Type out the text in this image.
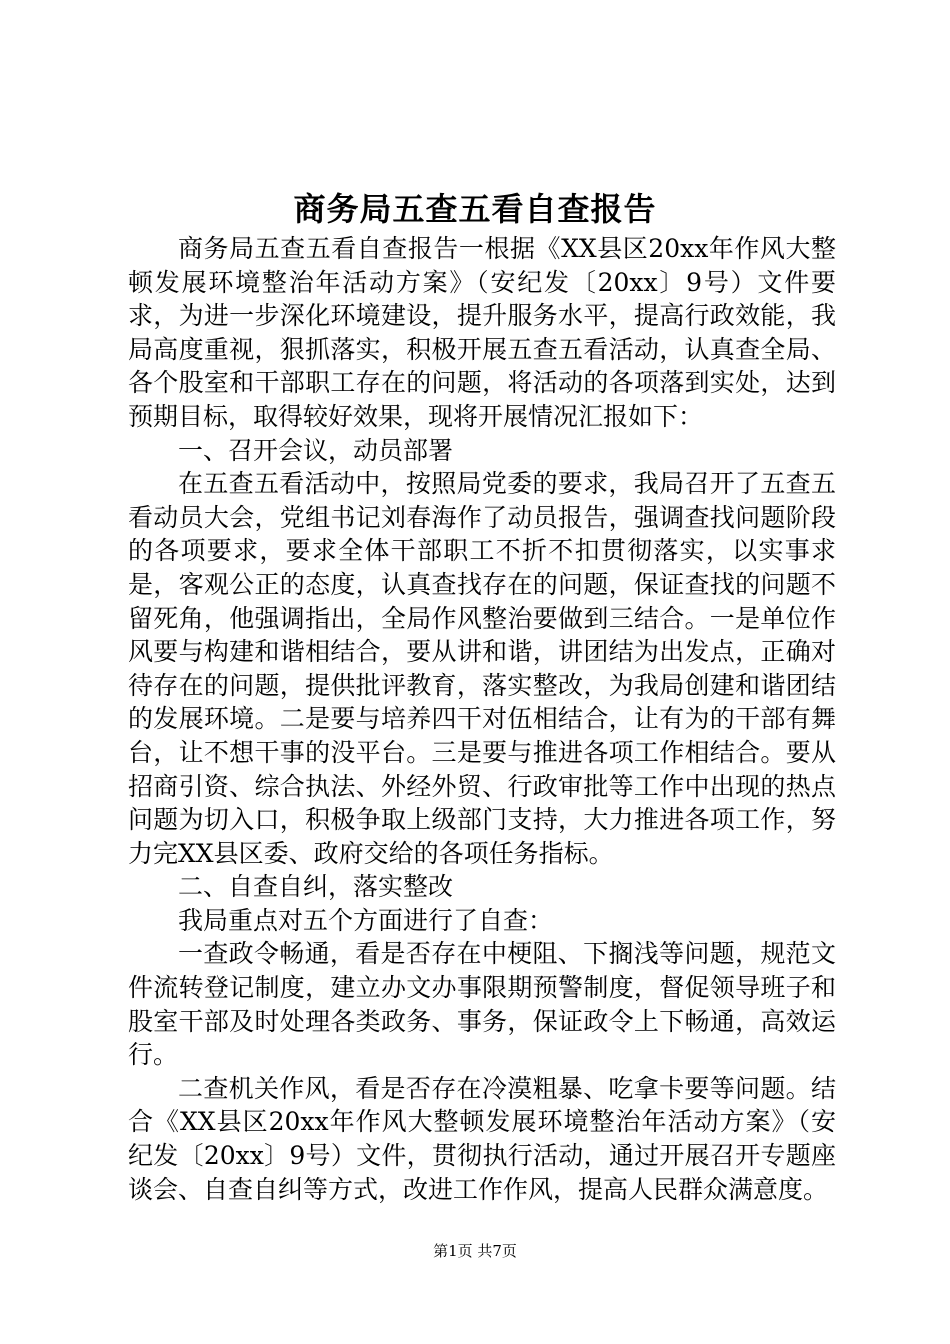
商务局五查五看自查报告

商务局五查五看自查报告一根据《XX县区20xx年作风大整顿发展环境整治年活动方案》（安纪发〔20xx〕9号）文件要求，为进一步深化环境建设，提升服务水平，提高行政效能，我局高度重视，狠抓落实，积极开展五查五看活动，认真查全局、各个股室和干部职工存在的问题，将活动的各项落到实处，达到预期目标，取得较好效果，现将开展情况汇报如下：

一、召开会议，动员部署

在五查五看活动中，按照局党委的要求，我局召开了五查五看动员大会，党组书记刘春海作了动员报告，强调查找问题阶段的各项要求，要求全体干部职工不折不扣贯彻落实，以实事求是，客观公正的态度，认真查找存在的问题，保证查找的问题不留死角，他强调指出，全局作风整治要做到三结合。一是单位作风要与构建和谐相结合，要从讲和谐，讲团结为出发点，正确对待存在的问题，提供批评教育，落实整改，为我局创建和谐团结的发展环境。二是要与培养四干对伍相结合，让有为的干部有舞台，让不想干事的没平台。三是要与推进各项工作相结合。要从招商引资、综合执法、外经外贸、行政审批等工作中出现的热点问题为切入口，积极争取上级部门支持，大力推进各项工作，努力完XX县区委、政府交给的各项任务指标。

二、自查自纠，落实整改

我局重点对五个方面进行了自查：

一查政令畅通，看是否存在中梗阻、下搁浅等问题，规范文件流转登记制度，建立办文办事限期预警制度，督促领导班子和股室干部及时处理各类政务、事务，保证政令上下畅通，高效运行。

二查机关作风，看是否存在冷漠粗暴、吃拿卡要等问题。结合《XX县区20xx年作风大整顿发展环境整治年活动方案》（安纪发〔20xx〕9号）文件，贯彻执行活动，通过开展召开专题座谈会、自查自纠等方式，改进工作作风，提高人民群众满意度。

第1页 共7页
